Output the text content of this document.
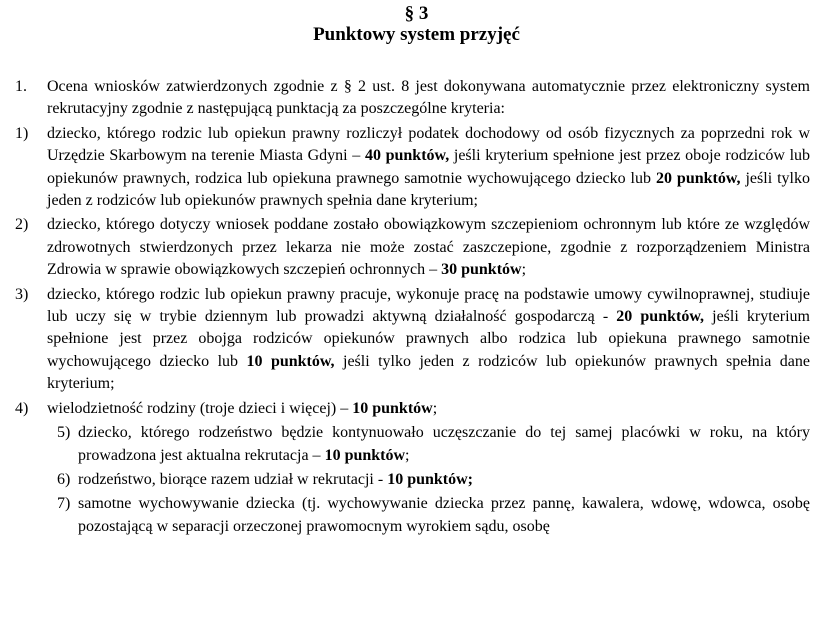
§ 3
Punktowy system przyjęć
1. Ocena wniosków zatwierdzonych zgodnie z § 2 ust. 8 jest dokonywana automatycznie przez elektroniczny system rekrutacyjny zgodnie z następującą punktacją za poszczególne kryteria:
1) dziecko, którego rodzic lub opiekun prawny rozliczył podatek dochodowy od osób fizycznych za poprzedni rok w Urzędzie Skarbowym na terenie Miasta Gdyni – 40 punktów, jeśli kryterium spełnione jest przez oboje rodziców lub opiekunów prawnych, rodzica lub opiekuna prawnego samotnie wychowującego dziecko lub 20 punktów, jeśli tylko jeden z rodziców lub opiekunów prawnych spełnia dane kryterium;
2) dziecko, którego dotyczy wniosek poddane zostało obowiązkowym szczepieniom ochronnym lub które ze względów zdrowotnych stwierdzonych przez lekarza nie może zostać zaszczepione, zgodnie z rozporządzeniem Ministra Zdrowia w sprawie obowiązkowych szczepień ochronnych – 30 punktów;
3) dziecko, którego rodzic lub opiekun prawny pracuje, wykonuje pracę na podstawie umowy cywilnoprawnej, studiuje lub uczy się w trybie dziennym lub prowadzi aktywną działalność gospodarczą - 20 punktów, jeśli kryterium spełnione jest przez obojga rodziców opiekunów prawnych albo rodzica lub opiekuna prawnego samotnie wychowującego dziecko lub 10 punktów, jeśli tylko jeden z rodziców lub opiekunów prawnych spełnia dane kryterium;
4) wielodzietność rodziny (troje dzieci i więcej) – 10 punktów;
5) dziecko, którego rodzeństwo będzie kontynuowało uczęszczanie do tej samej placówki w roku, na który prowadzona jest aktualna rekrutacja – 10 punktów;
6) rodzeństwo, biorące razem udział w rekrutacji - 10 punktów;
7) samotne wychowywanie dziecka (tj. wychowywanie dziecka przez pannę, kawalera, wdowę, wdowca, osobę pozostającą w separacji orzeczonej prawomocnym wyrokiem sądu, osobę
